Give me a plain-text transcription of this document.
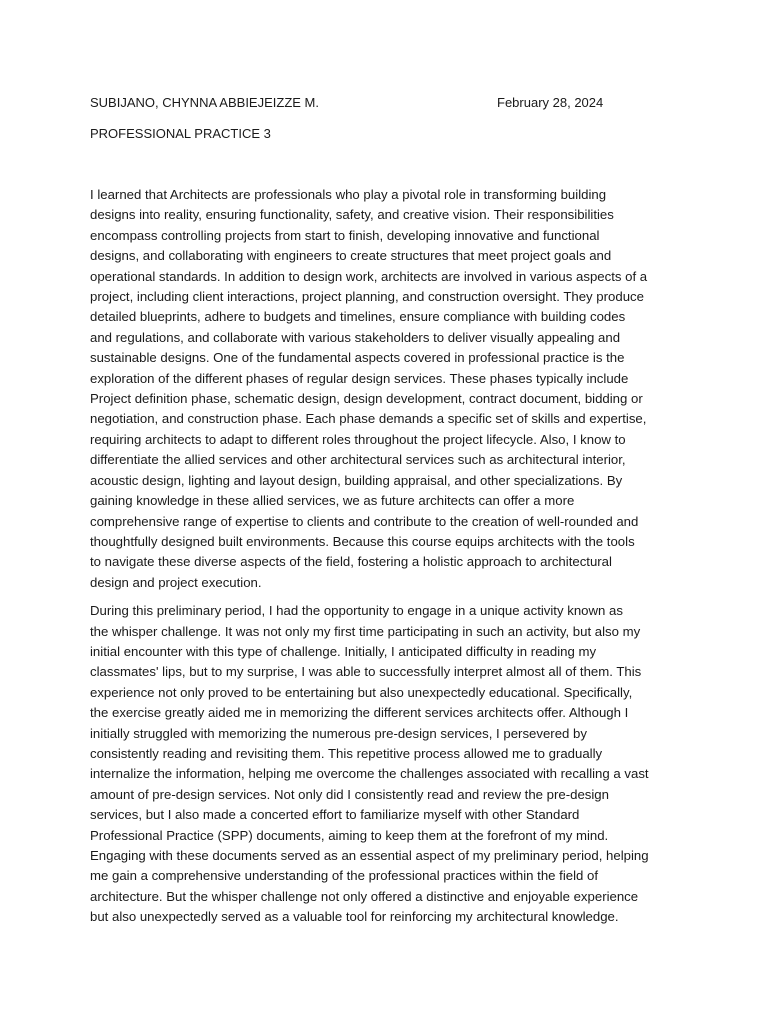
SUBIJANO, CHYNNA ABBIEJEIZZE M.	February 28, 2024
PROFESSIONAL PRACTICE 3

I learned that Architects are professionals who play a pivotal role in transforming building
designs into reality, ensuring functionality, safety, and creative vision. Their responsibilities
encompass controlling projects from start to finish, developing innovative and functional
designs, and collaborating with engineers to create structures that meet project goals and
operational standards. In addition to design work, architects are involved in various aspects of a
project, including client interactions, project planning, and construction oversight. They produce
detailed blueprints, adhere to budgets and timelines, ensure compliance with building codes
and regulations, and collaborate with various stakeholders to deliver visually appealing and
sustainable designs. One of the fundamental aspects covered in professional practice is the
exploration of the different phases of regular design services. These phases typically include
Project definition phase, schematic design, design development, contract document, bidding or
negotiation, and construction phase. Each phase demands a specific set of skills and expertise,
requiring architects to adapt to different roles throughout the project lifecycle. Also, I know to
differentiate the allied services and other architectural services such as architectural interior,
acoustic design, lighting and layout design, building appraisal, and other specializations. By
gaining knowledge in these allied services, we as future architects can offer a more
comprehensive range of expertise to clients and contribute to the creation of well-rounded and
thoughtfully designed built environments. Because this course equips architects with the tools
to navigate these diverse aspects of the field, fostering a holistic approach to architectural
design and project execution.

During this preliminary period, I had the opportunity to engage in a unique activity known as
the whisper challenge. It was not only my first time participating in such an activity, but also my
initial encounter with this type of challenge. Initially, I anticipated difficulty in reading my
classmates' lips, but to my surprise, I was able to successfully interpret almost all of them. This
experience not only proved to be entertaining but also unexpectedly educational. Specifically,
the exercise greatly aided me in memorizing the different services architects offer. Although I
initially struggled with memorizing the numerous pre-design services, I persevered by
consistently reading and revisiting them. This repetitive process allowed me to gradually
internalize the information, helping me overcome the challenges associated with recalling a vast
amount of pre-design services. Not only did I consistently read and review the pre-design
services, but I also made a concerted effort to familiarize myself with other Standard
Professional Practice (SPP) documents, aiming to keep them at the forefront of my mind.
Engaging with these documents served as an essential aspect of my preliminary period, helping
me gain a comprehensive understanding of the professional practices within the field of
architecture. But the whisper challenge not only offered a distinctive and enjoyable experience
but also unexpectedly served as a valuable tool for reinforcing my architectural knowledge.
